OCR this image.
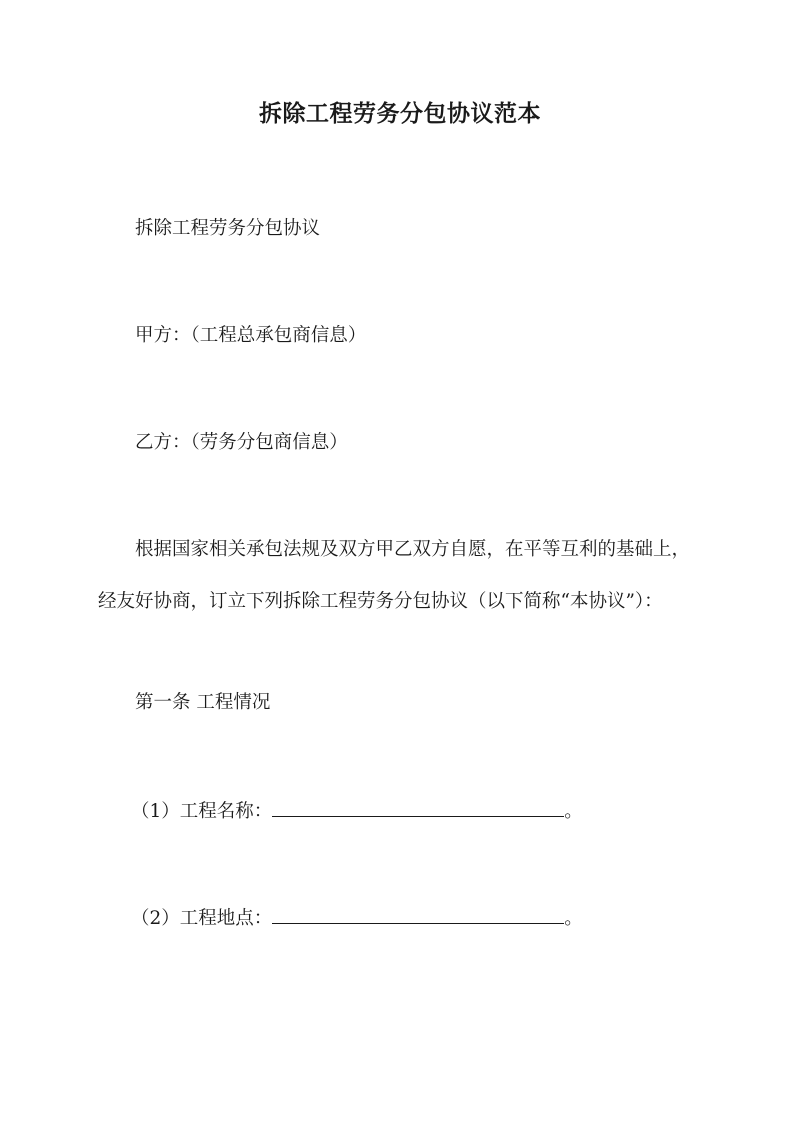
拆除工程劳务分包协议范本

拆除工程劳务分包协议

甲方：（工程总承包商信息）

乙方：（劳务分包商信息）

根据国家相关承包法规及双方甲乙双方自愿，在平等互利的基础上，

经友好协商，订立下列拆除工程劳务分包协议（以下简称“本协议”）：

第一条 工程情况

（1）工程名称：	。

（2）工程地点：	。
